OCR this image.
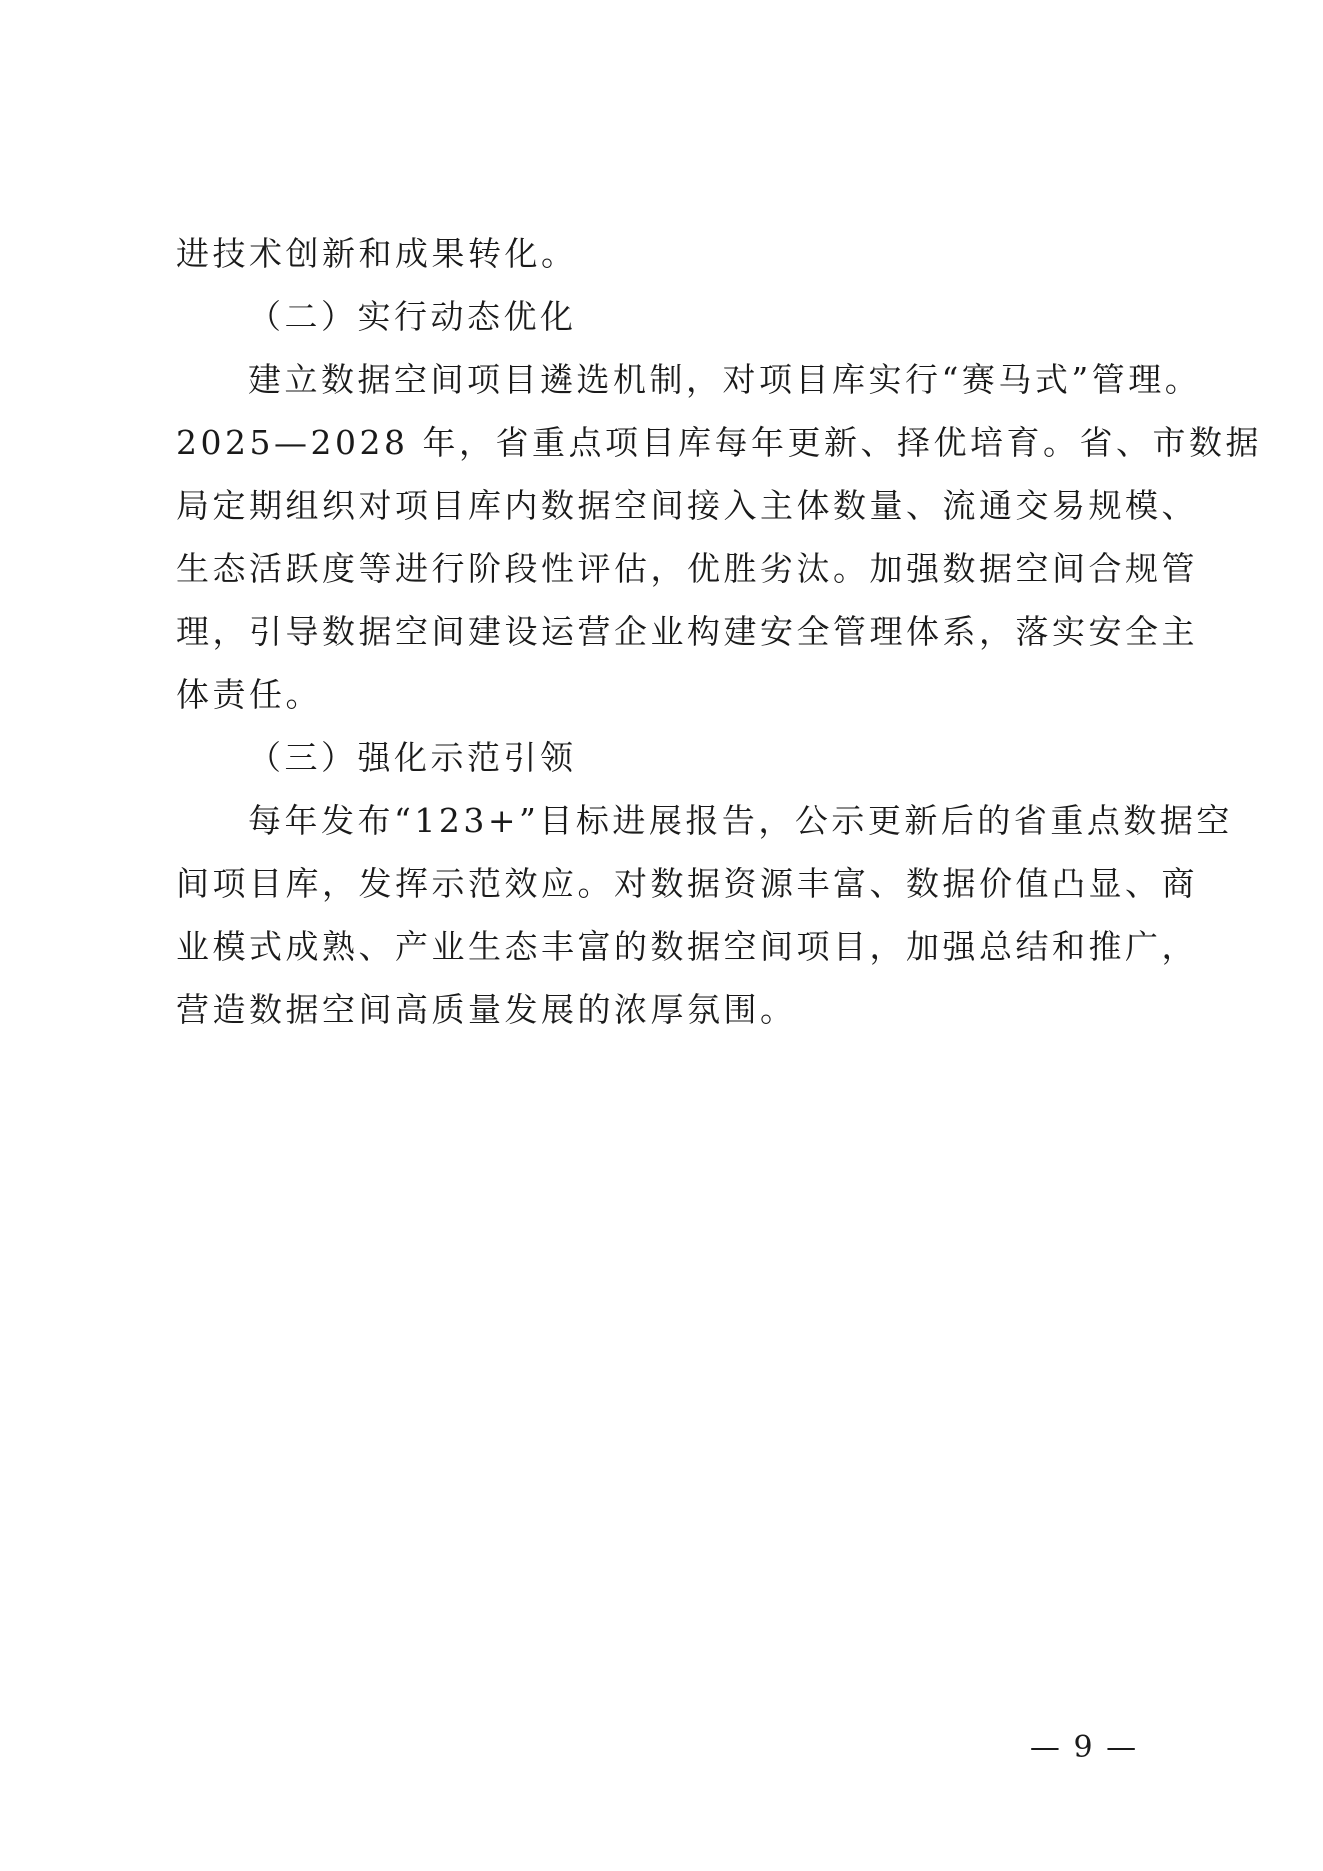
进技术创新和成果转化。
（二）实行动态优化
建立数据空间项目遴选机制，对项目库实行“赛马式”管理。
2025—2028 年，省重点项目库每年更新、择优培育。省、市数据
局定期组织对项目库内数据空间接入主体数量、流通交易规模、
生态活跃度等进行阶段性评估，优胜劣汰。加强数据空间合规管
理，引导数据空间建设运营企业构建安全管理体系，落实安全主
体责任。
（三）强化示范引领
每年发布“123+”目标进展报告，公示更新后的省重点数据空
间项目库，发挥示范效应。对数据资源丰富、数据价值凸显、商
业模式成熟、产业生态丰富的数据空间项目，加强总结和推广，
营造数据空间高质量发展的浓厚氛围。
— 9 —
